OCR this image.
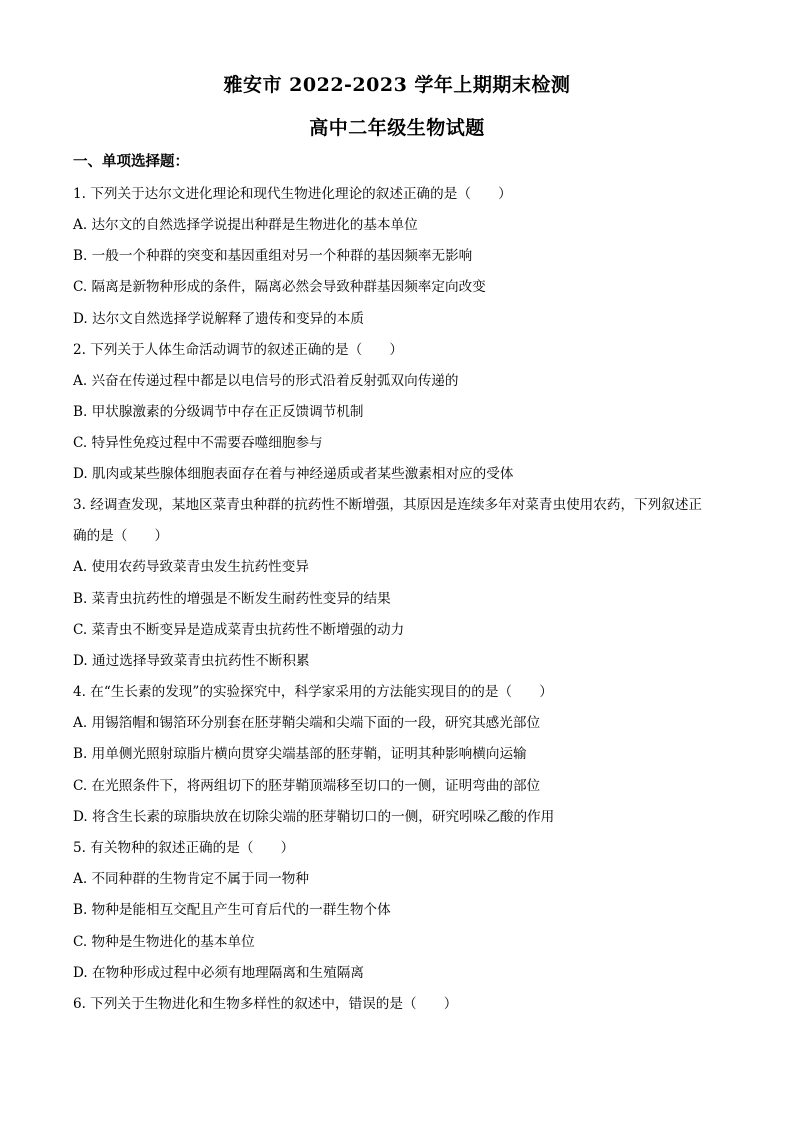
雅安市 2022-2023 学年上期期末检测
高中二年级生物试题
一、单项选择题：
1. 下列关于达尔文进化理论和现代生物进化理论的叙述正确的是（　　）
A. 达尔文的自然选择学说提出种群是生物进化的基本单位
B. 一般一个种群的突变和基因重组对另一个种群的基因频率无影响
C. 隔离是新物种形成的条件，隔离必然会导致种群基因频率定向改变
D. 达尔文自然选择学说解释了遗传和变异的本质
2. 下列关于人体生命活动调节的叙述正确的是（　　）
A. 兴奋在传递过程中都是以电信号的形式沿着反射弧双向传递的
B. 甲状腺激素的分级调节中存在正反馈调节机制
C. 特异性免疫过程中不需要吞噬细胞参与
D. 肌肉或某些腺体细胞表面存在着与神经递质或者某些激素相对应的受体
3. 经调查发现，某地区菜青虫种群的抗药性不断增强，其原因是连续多年对菜青虫使用农药，下列叙述正
确的是（　　）
A. 使用农药导致菜青虫发生抗药性变异
B. 菜青虫抗药性的增强是不断发生耐药性变异的结果
C. 菜青虫不断变异是造成菜青虫抗药性不断增强的动力
D. 通过选择导致菜青虫抗药性不断积累
4. 在“生长素的发现”的实验探究中，科学家采用的方法能实现目的的是（　　）
A. 用锡箔帽和锡箔环分别套在胚芽鞘尖端和尖端下面的一段，研究其感光部位
B. 用单侧光照射琼脂片横向贯穿尖端基部的胚芽鞘，证明其种影响横向运输
C. 在光照条件下，将两组切下的胚芽鞘顶端移至切口的一侧，证明弯曲的部位
D. 将含生长素的琼脂块放在切除尖端的胚芽鞘切口的一侧，研究吲哚乙酸的作用
5. 有关物种的叙述正确的是（　　）
A. 不同种群的生物肯定不属于同一物种
B. 物种是能相互交配且产生可育后代的一群生物个体
C. 物种是生物进化的基本单位
D. 在物种形成过程中必须有地理隔离和生殖隔离
6. 下列关于生物进化和生物多样性的叙述中，错误的是（　　）
